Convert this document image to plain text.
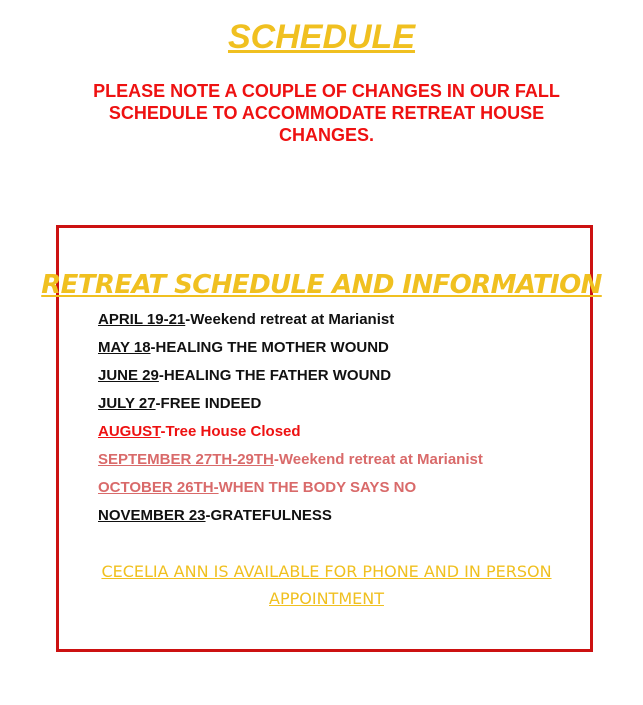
SCHEDULE

PLEASE NOTE A COUPLE OF CHANGES IN OUR FALL SCHEDULE TO ACCOMMODATE RETREAT HOUSE CHANGES.

RETREAT SCHEDULE AND INFORMATION
APRIL 19-21-Weekend retreat at Marianist
MAY 18-HEALING THE MOTHER WOUND
JUNE 29-HEALING THE FATHER WOUND
JULY 27-FREE INDEED
AUGUST-Tree House Closed
SEPTEMBER 27TH-29TH-Weekend retreat at Marianist
OCTOBER 26TH-WHEN THE BODY SAYS NO
NOVEMBER 23-GRATEFULNESS

CECELIA ANN IS AVAILABLE FOR PHONE AND IN PERSON APPOINTMENT
